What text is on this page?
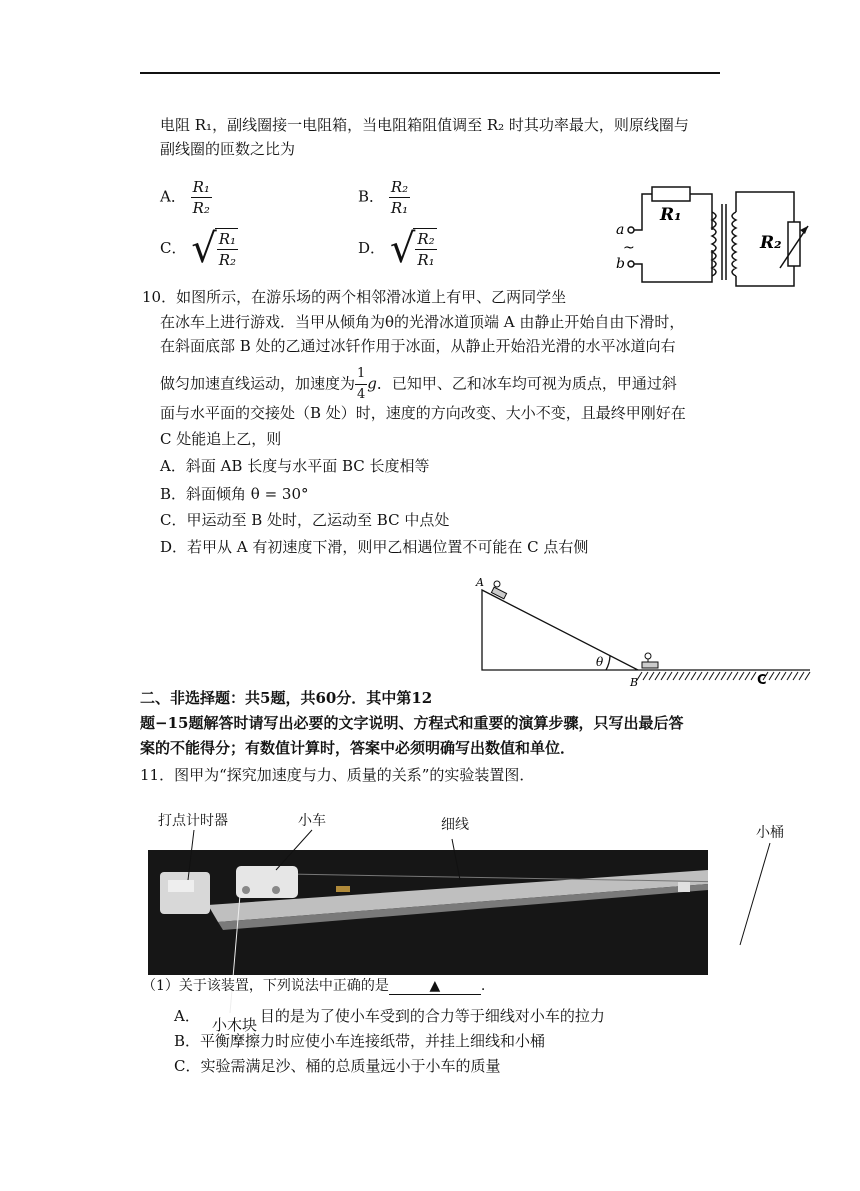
电阻 R₁，副线圈接一电阻箱，当电阻箱阻值调至 R₂ 时其功率最大，则原线圈与
副线圈的匝数之比为
A． $\frac{\text{R₁}}{\text{R₂}}$	B． $\frac{\text{R₂}}{\text{R₁}}$
C． √
$\frac{\text{R₁}}{\text{R₂}}$	D． √
$\frac{\text{R₂}}{\text{R₁}}$	a
b
~
R₁
R₂
10．如图所示，在游乐场的两个相邻滑冰道上有甲、乙两同学坐
在冰车上进行游戏．当甲从倾角为θ的光滑冰道顶端 A 由静止开始自由下滑时，
在斜面底部 B 处的乙通过冰钎作用于冰面，从静止开始沿光滑的水平冰道向右
做匀加速直线运动，加速度为 $\frac{1}{4}$ g．已知甲、乙和冰车均可视为质点，甲通过斜
面与水平面的交接处（B 处）时，速度的方向改变、大小不变，且最终甲刚好在
C 处能追上乙，则
A．斜面 AB 长度与水平面 BC 长度相等
B．斜面倾角 θ = 30°
C．甲运动至 B 处时，乙运动至 BC 中点处
D．若甲从 A 有初速度下滑，则甲乙相遇位置不可能在 C 点右侧
A
B	C
θ
二、非选择题：共5题，共60分．其中第12
题−15题解答时请写出必要的文字说明、方程式和重要的演算步骤，只写出最后答
案的不能得分；有数值计算时，答案中必须明确写出数值和单位．
11．图甲为“探究加速度与力、质量的关系”的实验装置图．
打点计时器	小车	细线	小桶
（1）关于该装置，下列说法中正确的是	▲	.
A．	目的是为了使小车受到的合力等于细线对小车的拉力
小木块
B．平衡摩擦力时应使小车连接纸带，并挂上细线和小桶
C．实验需满足沙、桶的总质量远小于小车的质量
